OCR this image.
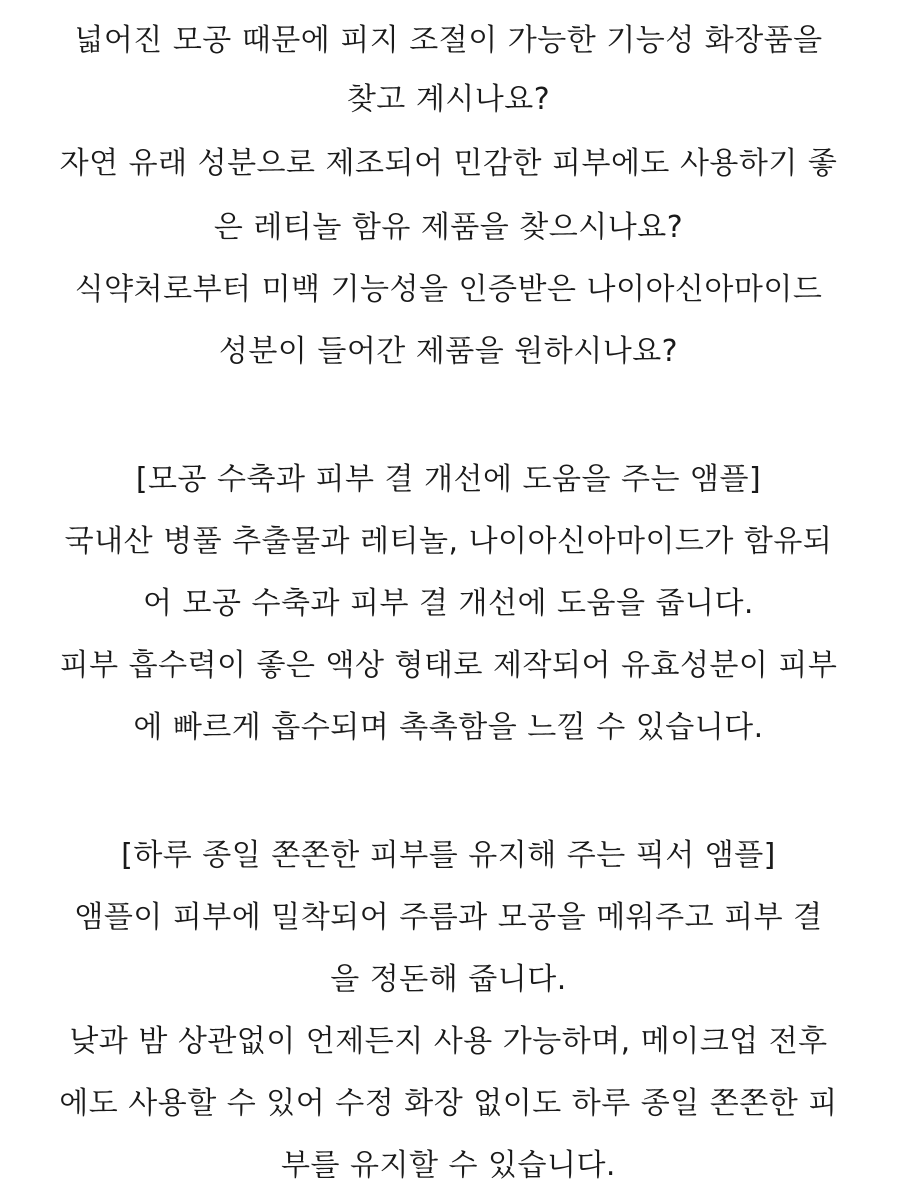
넓어진 모공 때문에 피지 조절이 가능한 기능성 화장품을
찾고 계시나요?
자연 유래 성분으로 제조되어 민감한 피부에도 사용하기 좋
은 레티놀 함유 제품을 찾으시나요?
식약처로부터 미백 기능성을 인증받은 나이아신아마이드
성분이 들어간 제품을 원하시나요?
[모공 수축과 피부 결 개선에 도움을 주는 앰플]
국내산 병풀 추출물과 레티놀, 나이아신아마이드가 함유되
어 모공 수축과 피부 결 개선에 도움을 줍니다.
피부 흡수력이 좋은 액상 형태로 제작되어 유효성분이 피부
에 빠르게 흡수되며 촉촉함을 느낄 수 있습니다.
[하루 종일 쫀쫀한 피부를 유지해 주는 픽서 앰플]
앰플이 피부에 밀착되어 주름과 모공을 메워주고 피부 결
을 정돈해 줍니다.
낮과 밤 상관없이 언제든지 사용 가능하며, 메이크업 전후
에도 사용할 수 있어 수정 화장 없이도 하루 종일 쫀쫀한 피
부를 유지할 수 있습니다.
